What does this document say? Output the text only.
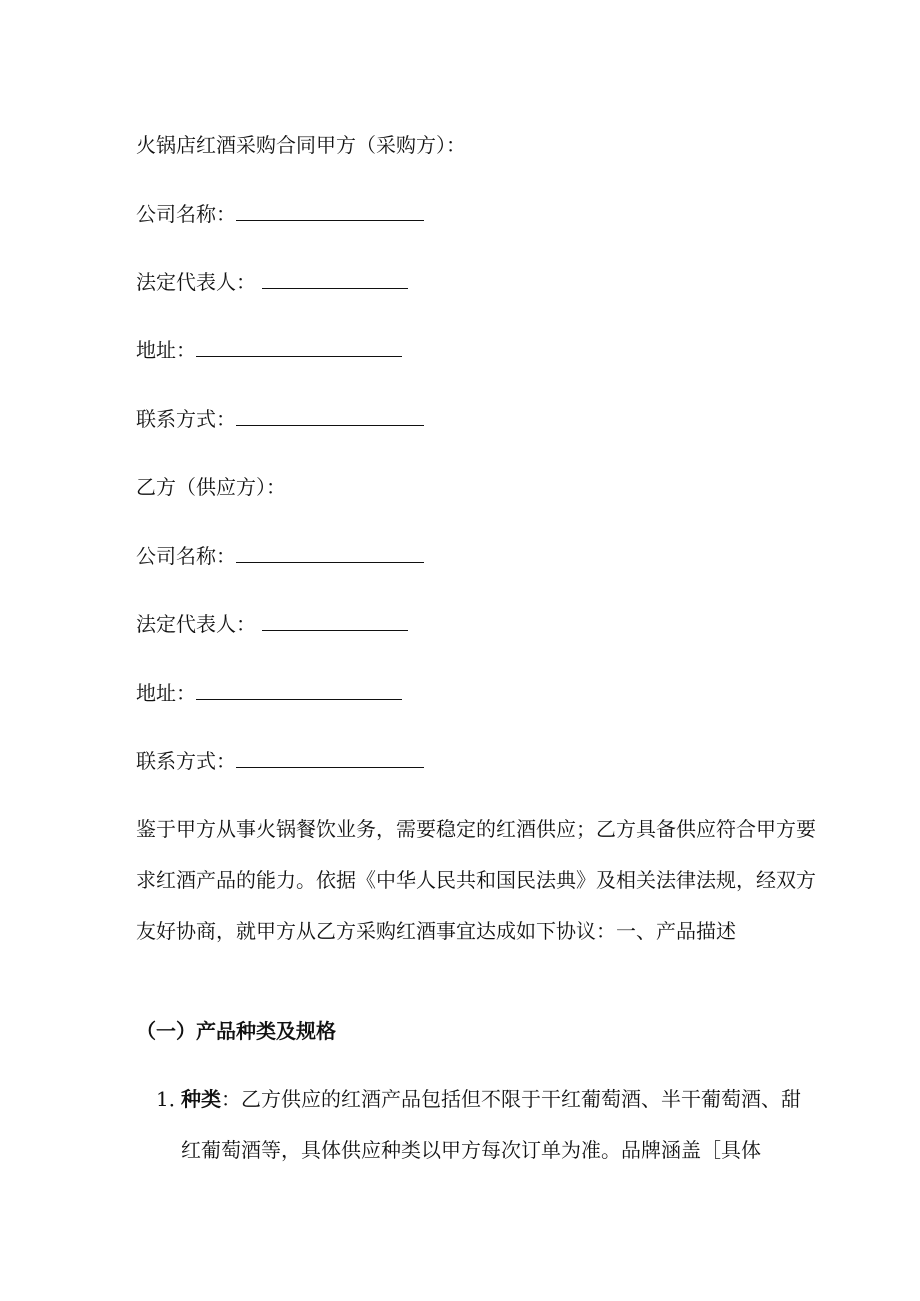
火锅店红酒采购合同甲方（采购方）：
公司名称：
法定代表人：
地址：
联系方式：
乙方（供应方）：
公司名称：
法定代表人：
地址：
联系方式：
鉴于甲方从事火锅餐饮业务，需要稳定的红酒供应；乙方具备供应符合甲方要求红酒产品的能力。依据《中华人民共和国民法典》及相关法律法规，经双方友好协商，就甲方从乙方采购红酒事宜达成如下协议：一、产品描述
（一）产品种类及规格
1．
种类：乙方供应的红酒产品包括但不限于干红葡萄酒、半干葡萄酒、甜红葡萄酒等，具体供应种类以甲方每次订单为准。品牌涵盖［具体
